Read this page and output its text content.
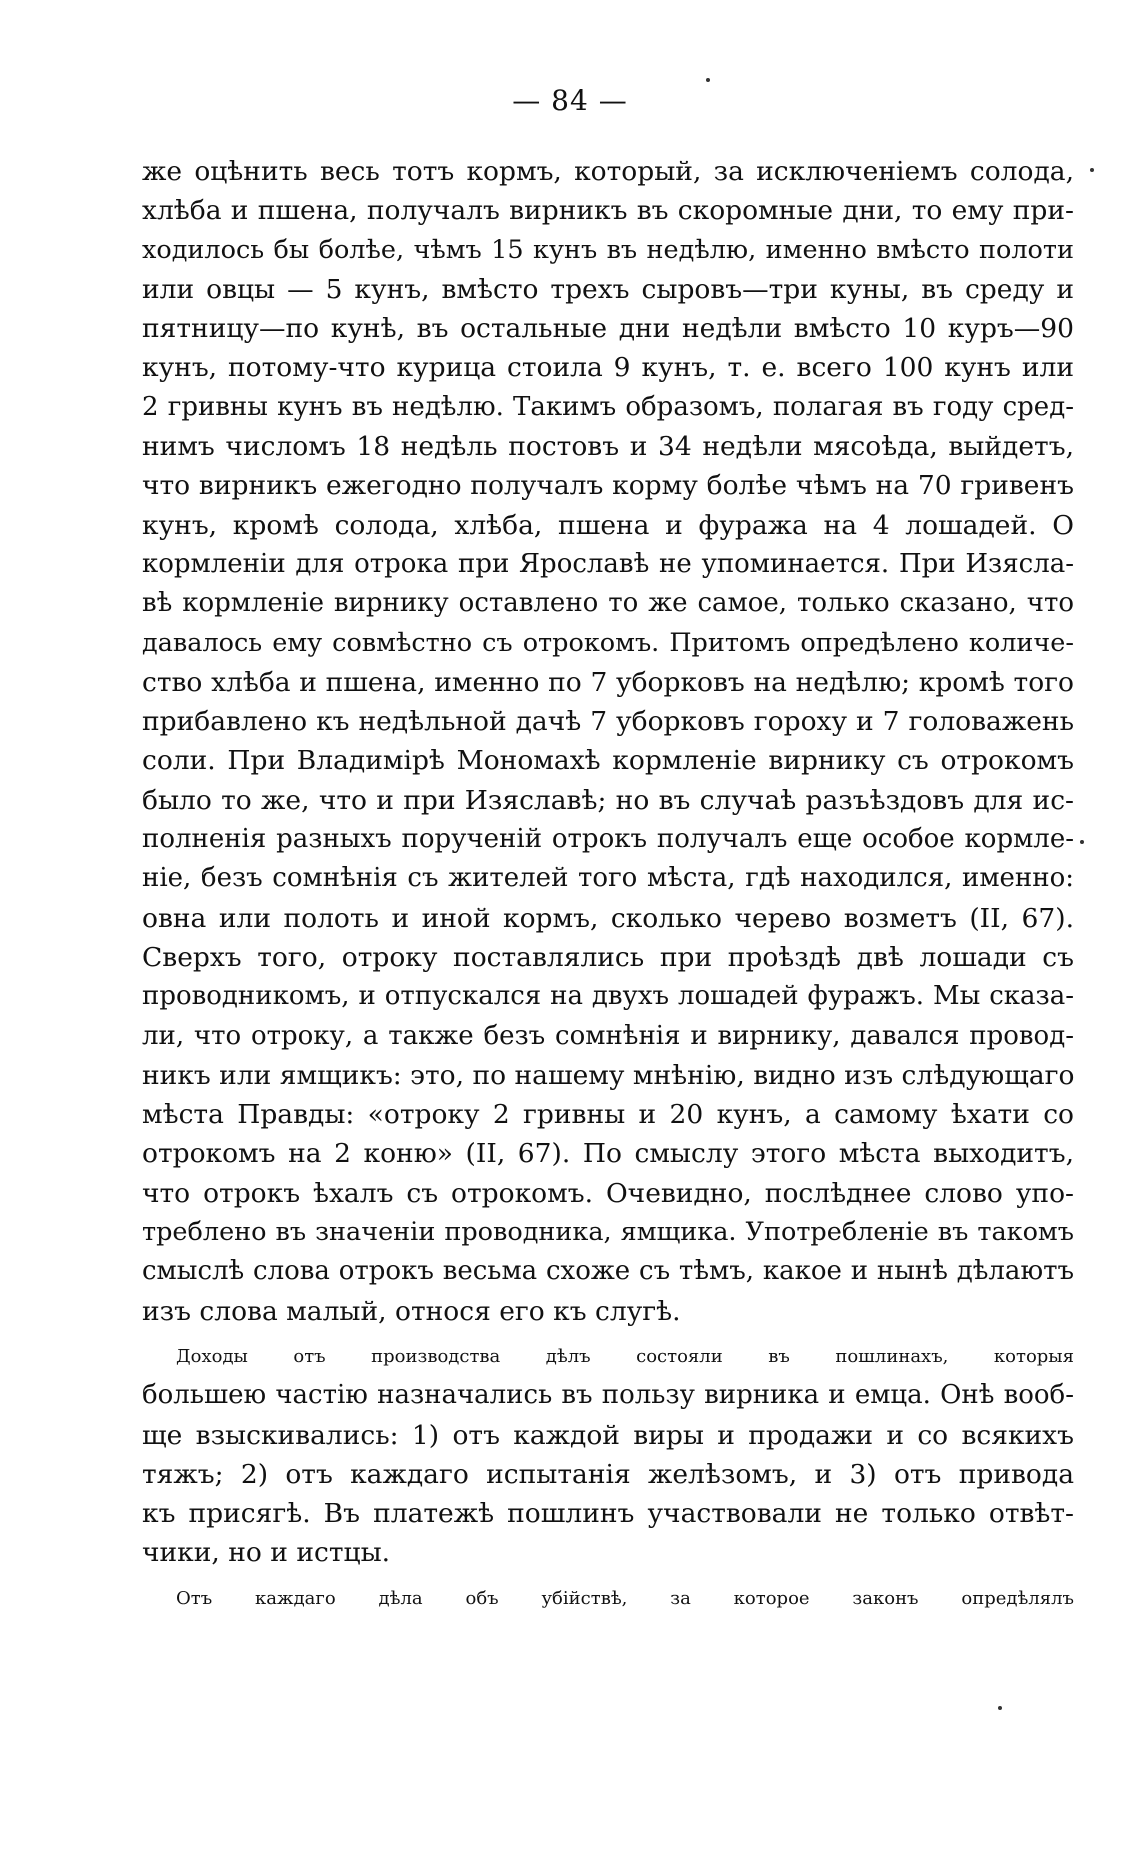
— 84 —
же оцѣнить весь тотъ кормъ, который, за исключеніемъ солода,
хлѣба и пшена, получалъ вирникъ въ скоромные дни, то ему при-
ходилось бы болѣе, чѣмъ 15 кунъ въ недѣлю, именно вмѣсто полоти
или овцы — 5 кунъ, вмѣсто трехъ сыровъ—три куны, въ среду и
пятницу—по кунѣ, въ остальные дни недѣли вмѣсто 10 куръ—90
кунъ, потому-что курица стоила 9 кунъ, т. е. всего 100 кунъ или
2 гривны кунъ въ недѣлю. Такимъ образомъ, полагая въ году сред-
нимъ числомъ 18 недѣль постовъ и 34 недѣли мясоѣда, выйдетъ,
что вирникъ ежегодно получалъ корму болѣе чѣмъ на 70 гривенъ
кунъ, кромѣ солода, хлѣба, пшена и фуража на 4 лошадей. О
кормленіи для отрока при Ярославѣ не упоминается. При Изясла-
вѣ кормленіе вирнику оставлено то же самое, только сказано, что
давалось ему совмѣстно съ отрокомъ. Притомъ опредѣлено количе-
ство хлѣба и пшена, именно по 7 уборковъ на недѣлю; кромѣ того
прибавлено къ недѣльной дачѣ 7 уборковъ гороху и 7 головажень
соли. При Владимірѣ Мономахѣ кормленіе вирнику съ отрокомъ
было то же, что и при Изяславѣ; но въ случаѣ разъѣздовъ для ис-
полненія разныхъ порученій отрокъ получалъ еще особое кормле-
ніе, безъ сомнѣнія съ жителей того мѣста, гдѣ находился, именно:
овна или полоть и иной кормъ, сколько черево возметъ (II, 67).
Сверхъ того, отроку поставлялись при проѣздѣ двѣ лошади съ
проводникомъ, и отпускался на двухъ лошадей фуражъ. Мы сказа-
ли, что отроку, а также безъ сомнѣнія и вирнику, давался провод-
никъ или ямщикъ: это, по нашему мнѣнію, видно изъ слѣдующаго
мѣста Правды: «отроку 2 гривны и 20 кунъ, а самому ѣхати со
отрокомъ на 2 коню» (II, 67). По смыслу этого мѣста выходитъ,
что отрокъ ѣхалъ съ отрокомъ. Очевидно, послѣднее слово упо-
треблено въ значеніи проводника, ямщика. Употребленіе въ такомъ
смыслѣ слова отрокъ весьма схоже съ тѣмъ, какое и нынѣ дѣлаютъ
изъ слова малый, относя его къ слугѣ.
Доходы отъ производства дѣлъ состояли въ пошлинахъ, которыя
большею частію назначались въ пользу вирника и емца. Онѣ вооб-
ще взыскивались: 1) отъ каждой виры и продажи и со всякихъ
тяжъ; 2) отъ каждаго испытанія желѣзомъ, и 3) отъ привода
къ присягѣ. Въ платежѣ пошлинъ участвовали не только отвѣт-
чики, но и истцы.
Отъ каждаго дѣла объ убійствѣ, за которое законъ опредѣлялъ
